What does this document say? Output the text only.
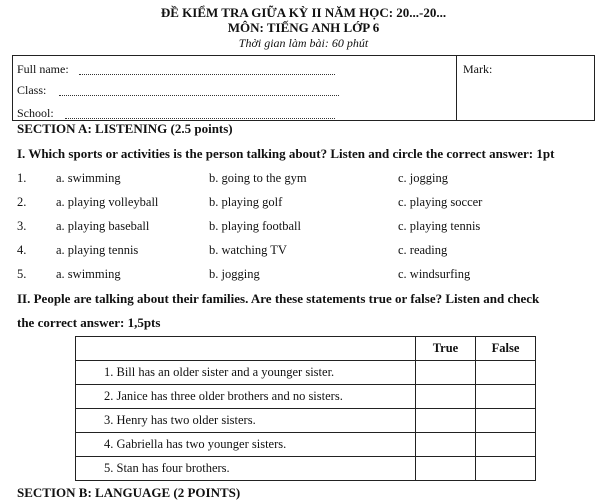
ĐỀ KIỂM TRA GIỮA KỲ II NĂM HỌC: 20...-20...
MÔN: TIẾNG ANH LỚP 6
Thời gian làm bài: 60 phút
Full name:
Class:
School:
Mark:
SECTION A: LISTENING (2.5 points)
I. Which sports or activities is the person talking about? Listen and circle the correct answer: 1pt
1. a. swimming	b. going to the gym	c. jogging
2. a. playing volleyball	b. playing golf	c. playing soccer
3. a. playing baseball	b. playing football	c. playing tennis
4. a. playing tennis	b. watching TV	c. reading
5. a. swimming	b. jogging	c. windsurfing
II. People are talking about their families. Are these statements true or false? Listen and check
the correct answer: 1,5pts
	True	False
1. Bill has an older sister and a younger sister.		
2. Janice has three older brothers and no sisters.		
3. Henry has two older sisters.		
4. Gabriella has two younger sisters.		
5. Stan has four brothers.		
SECTION B: LANGUAGE (2 POINTS)
